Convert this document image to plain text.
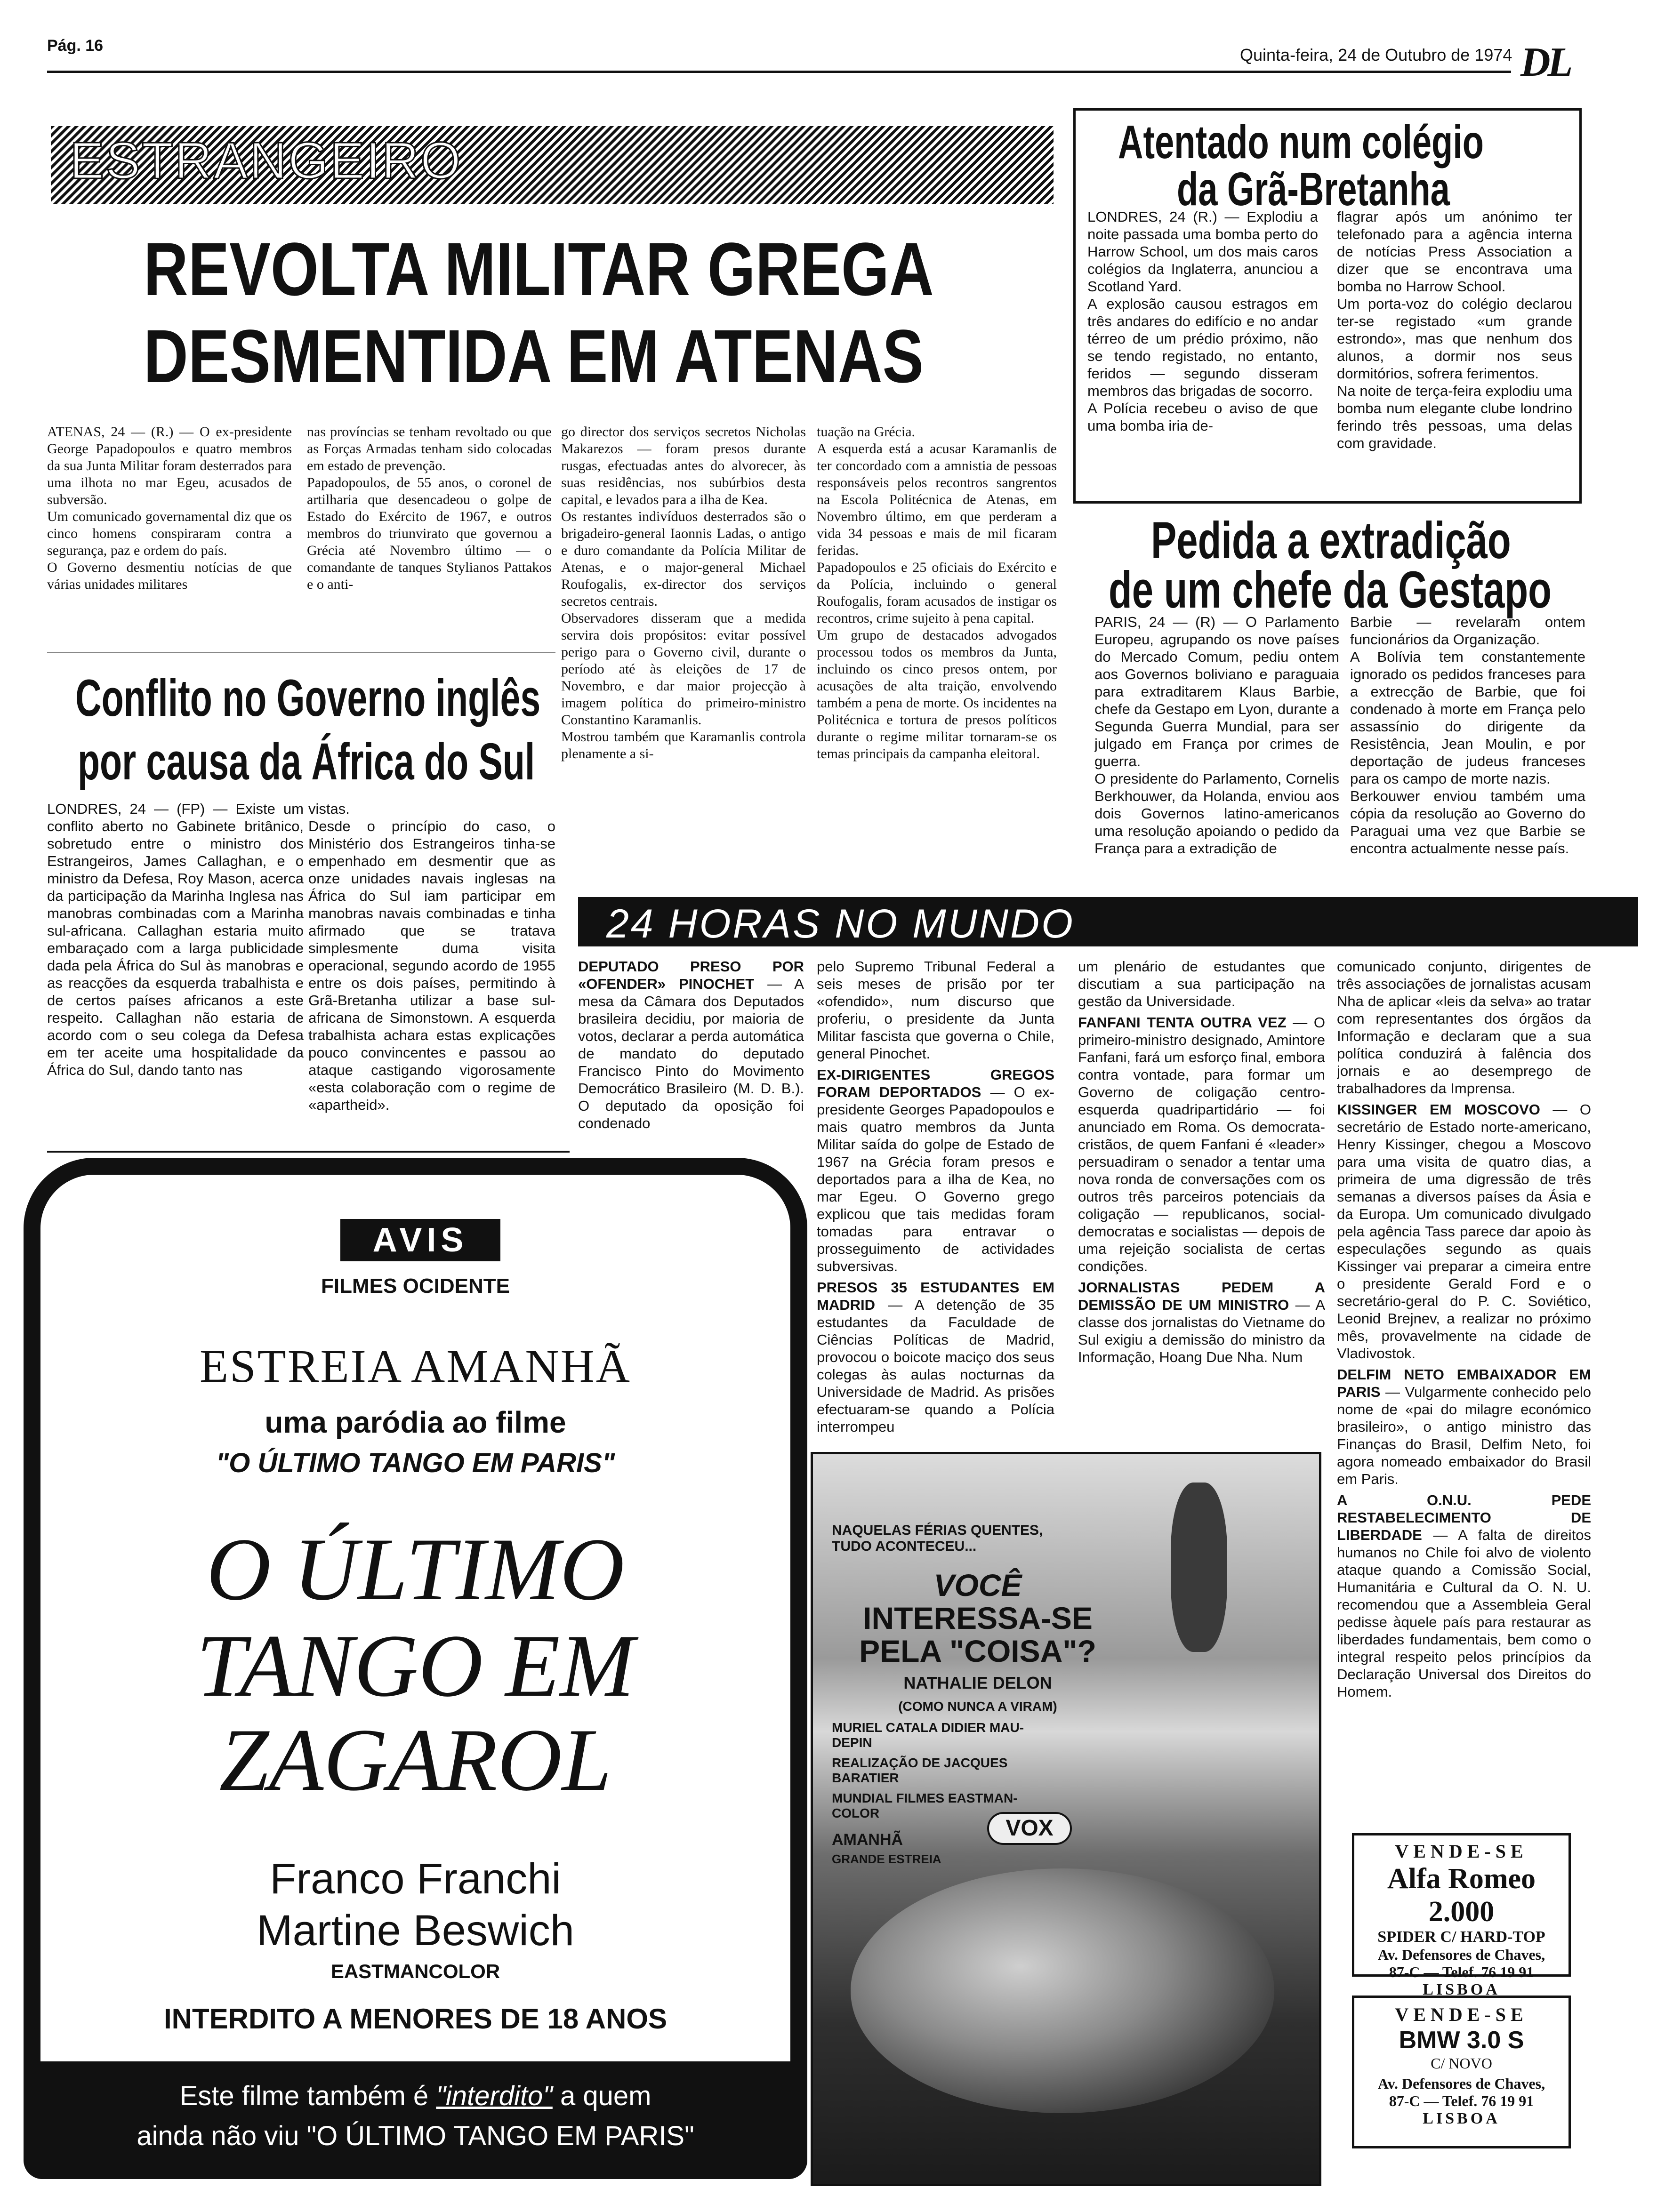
Pág. 16	Quinta-feira, 24 de Outubro de 1974 DL
ESTRANGEIRO
REVOLTA MILITAR GREGA
DESMENTIDA EM ATENAS

ATENAS, 24 — (R.) — O ex-presidente George Papadopoulos e quatro membros da sua Junta Militar foram desterrados para uma ilhota no mar Egeu, acusados de subversão.
Um comunicado governamental diz que os cinco homens conspiraram contra a segurança, paz e ordem do país.
O Governo desmentiu notícias de que várias unidades militares

nas províncias se tenham revoltado ou que as Forças Armadas tenham sido colocadas em estado de prevenção.
Papadopoulos, de 55 anos, o coronel de artilharia que desencadeou o golpe de Estado do Exército de 1967, e outros membros do triunvirato que governou a Grécia até Novembro último — o comandante de tanques Stylianos Pattakos e o anti-

go director dos serviços secretos Nicholas Makarezos — foram presos durante rusgas, efectuadas antes do alvorecer, às suas residências, nos subúrbios desta capital, e levados para a ilha de Kea.
Os restantes indivíduos desterrados são o brigadeiro-general Iaonnis Ladas, o antigo e duro comandante da Polícia Militar de Atenas, e o major-general Michael Roufogalis, ex-director dos serviços secretos centrais.
Observadores disseram que a medida servira dois propósitos: evitar possível perigo para o Governo civil, durante o período até às eleições de 17 de Novembro, e dar maior projecção à imagem política do primeiro-ministro Constantino Karamanlis.
Mostrou também que Karamanlis controla plenamente a si-

tuação na Grécia.
A esquerda está a acusar Karamanlis de ter concordado com a amnistia de pessoas responsáveis pelos recontros sangrentos na Escola Politécnica de Atenas, em Novembro último, em que perderam a vida 34 pessoas e mais de mil ficaram feridas.
Papadopoulos e 25 oficiais do Exército e da Polícia, incluindo o general Roufogalis, foram acusados de instigar os recontros, crime sujeito à pena capital.
Um grupo de destacados advogados processou todos os membros da Junta, incluindo os cinco presos ontem, por acusações de alta traição, envolvendo também a pena de morte. Os incidentes na Politécnica e tortura de presos políticos durante o regime militar tornaram-se os temas principais da campanha eleitoral.

Conflito no Governo inglês
por causa da África do Sul

LONDRES, 24 — (FP) — Existe um conflito aberto no Gabinete britânico, sobretudo entre o ministro dos Estrangeiros, James Callaghan, e o ministro da Defesa, Roy Mason, acerca da participação da Marinha Inglesa nas manobras combinadas com a Marinha sul-africana. Callaghan estaria muito embaraçado com a larga publicidade dada pela África do Sul às manobras e as reacções da esquerda trabalhista e de certos países africanos a este respeito. Callaghan não estaria de acordo com o seu colega da Defesa em ter aceite uma hospitalidade da África do Sul, dando tanto nas

vistas.
Desde o princípio do caso, o Ministério dos Estrangeiros tinha-se empenhado em desmentir que as onze unidades navais inglesas na África do Sul iam participar em manobras navais combinadas e tinha afirmado que se tratava simplesmente duma visita operacional, segundo acordo de 1955 entre os dois países, permitindo à Grã-Bretanha utilizar a base sul-africana de Simonstown. A esquerda trabalhista achara estas explicações pouco convincentes e passou ao ataque castigando vigorosamente «esta colaboração com o regime de «apartheid».

Atentado num colégio
da Grã-Bretanha

LONDRES, 24 (R.) — Explodiu a noite passada uma bomba perto do Harrow School, um dos mais caros colégios da Inglaterra, anunciou a Scotland Yard.
A explosão causou estragos em três andares do edifício e no andar térreo de um prédio próximo, não se tendo registado, no entanto, feridos — segundo disseram membros das brigadas de socorro.
A Polícia recebeu o aviso de que uma bomba iria de-

flagrar após um anónimo ter telefonado para a agência interna de notícias Press Association a dizer que se encontrava uma bomba no Harrow School.
Um porta-voz do colégio declarou ter-se registado «um grande estrondo», mas que nenhum dos alunos, a dormir nos seus dormitórios, sofrera ferimentos.
Na noite de terça-feira explodiu uma bomba num elegante clube londrino ferindo três pessoas, uma delas com gravidade.

Pedida a extradição
de um chefe da Gestapo

PARIS, 24 — (R) — O Parlamento Europeu, agrupando os nove países do Mercado Comum, pediu ontem aos Governos boliviano e paraguaia para extraditarem Klaus Barbie, chefe da Gestapo em Lyon, durante a Segunda Guerra Mundial, para ser julgado em França por crimes de guerra.
O presidente do Parlamento, Cornelis Berkhouwer, da Holanda, enviou aos dois Governos latino-americanos uma resolução apoiando o pedido da França para a extradição de

Barbie — revelaram ontem funcionários da Organização.
A Bolívia tem constantemente ignorado os pedidos franceses para a extrecção de Barbie, que foi condenado à morte em França pelo assassínio do dirigente da Resistência, Jean Moulin, e por deportação de judeus franceses para os campo de morte nazis.
Berkouwer enviou também uma cópia da resolução ao Governo do Paraguai uma vez que Barbie se encontra actualmente nesse país.

24 HORAS NO MUNDO

DEPUTADO PRESO POR «OFENDER» PINOCHET — A mesa da Câmara dos Deputados brasileira decidiu, por maioria de votos, declarar a perda automática de mandato do deputado Francisco Pinto do Movimento Democrático Brasileiro (M. D. B.). O deputado da oposição foi condenado

pelo Supremo Tribunal Federal a seis meses de prisão por ter «ofendido», num discurso que proferiu, o presidente da Junta Militar fascista que governa o Chile, general Pinochet.

EX-DIRIGENTES GREGOS FORAM DEPORTADOS — O ex-presidente Georges Papadopoulos e mais quatro membros da Junta Militar saída do golpe de Estado de 1967 na Grécia foram presos e deportados para a ilha de Kea, no mar Egeu. O Governo grego explicou que tais medidas foram tomadas para entravar o prosseguimento de actividades subversivas.

PRESOS 35 ESTUDANTES EM MADRID — A detenção de 35 estudantes da Faculdade de Ciências Políticas de Madrid, provocou o boicote maciço dos seus colegas às aulas nocturnas da Universidade de Madrid. As prisões efectuaram-se quando a Polícia interrompeu

um plenário de estudantes que discutiam a sua participação na gestão da Universidade.

FANFANI TENTA OUTRA VEZ — O primeiro-ministro designado, Amintore Fanfani, fará um esforço final, embora contra vontade, para formar um Governo de coligação centro-esquerda quadripartidário — foi anunciado em Roma. Os democrata-cristãos, de quem Fanfani é «leader» persuadiram o senador a tentar uma nova ronda de conversações com os outros três parceiros potenciais da coligação — republicanos, social-democratas e socialistas — depois de uma rejeição socialista de certas condições.

JORNALISTAS PEDEM A DEMISSÃO DE UM MINISTRO — A classe dos jornalistas do Vietname do Sul exigiu a demissão do ministro da Informação, Hoang Due Nha. Num

comunicado conjunto, dirigentes de três associações de jornalistas acusam Nha de aplicar «leis da selva» ao tratar com representantes dos órgãos da Informação e declaram que a sua política conduzirá à falência dos jornais e ao desemprego de trabalhadores da Imprensa.

KISSINGER EM MOSCOVO — O secretário de Estado norte-americano, Henry Kissinger, chegou a Moscovo para uma visita de quatro dias, a primeira de uma digressão de três semanas a diversos países da Ásia e da Europa. Um comunicado divulgado pela agência Tass parece dar apoio às especulações segundo as quais Kissinger vai preparar a cimeira entre o presidente Gerald Ford e o secretário-geral do P. C. Soviético, Leonid Brejnev, a realizar no próximo mês, provavelmente na cidade de Vladivostok.

DELFIM NETO EMBAIXADOR EM PARIS — Vulgarmente conhecido pelo nome de «pai do milagre económico brasileiro», o antigo ministro das Finanças do Brasil, Delfim Neto, foi agora nomeado embaixador do Brasil em Paris.

A O.N.U. PEDE RESTABELECIMENTO DE LIBERDADE — A falta de direitos humanos no Chile foi alvo de violento ataque quando a Comissão Social, Humanitária e Cultural da O. N. U. recomendou que a Assembleia Geral pedisse àquele país para restaurar as liberdades fundamentais, bem como o integral respeito pelos princípios da Declaração Universal dos Direitos do Homem.

AVIS
FILMES OCIDENTE
ESTREIA AMANHÃ
uma paródia ao filme
"O ÚLTIMO TANGO EM PARIS"
O ÚLTIMO
TANGO EM
ZAGAROL
Franco Franchi
Martine Beswich
EASTMANCOLOR
INTERDITO A MENORES DE 18 ANOS
Este filme também é "interdito" a quem
ainda não viu "O ÚLTIMO TANGO EM PARIS"
NAQUELAS FÉRIAS QUENTES, TUDO ACONTECEU...
VOCÊ
INTERESSA-SE
PELA "COISA"?
NATHALIE DELON
(COMO NUNCA A VIRAM)
MURIEL CATALA DIDIER MAU-DEPIN
REALIZAÇÃO DE JACQUES BARATIER
MUNDIAL FILMES EASTMAN-COLOR
VOX
AMANHÃ
GRANDE ESTREIA	VENDE-SE
Alfa Romeo 2.000
SPIDER C/ HARD-TOP
Av. Defensores de Chaves,
87-C — Telef. 76 19 91
LISBOA
VENDE-SE
BMW 3.0 S
C/ NOVO
Av. Defensores de Chaves,
87-C — Telef. 76 19 91
LISBOA
